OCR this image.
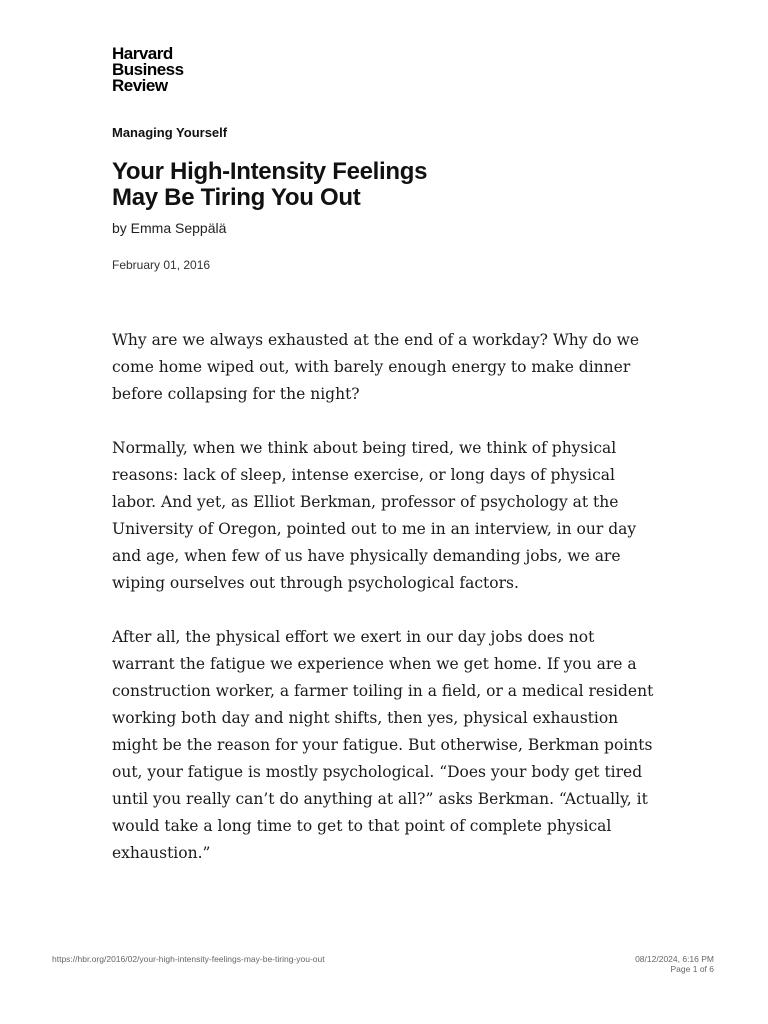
Harvard
Business
Review
Managing Yourself
Your High-Intensity Feelings
May Be Tiring You Out
by Emma Seppälä
February 01, 2016

Why are we always exhausted at the end of a workday? Why do we come home wiped out, with barely enough energy to make dinner before collapsing for the night?

Normally, when we think about being tired, we think of physical reasons: lack of sleep, intense exercise, or long days of physical labor. And yet, as Elliot Berkman, professor of psychology at the University of Oregon, pointed out to me in an interview, in our day and age, when few of us have physically demanding jobs, we are wiping ourselves out through psychological factors.

After all, the physical effort we exert in our day jobs does not warrant the fatigue we experience when we get home. If you are a construction worker, a farmer toiling in a field, or a medical resident working both day and night shifts, then yes, physical exhaustion might be the reason for your fatigue. But otherwise, Berkman points out, your fatigue is mostly psychological. “Does your body get tired until you really can’t do anything at all?” asks Berkman. “Actually, it would take a long time to get to that point of complete physical exhaustion.”

https://hbr.org/2016/02/your-high-intensity-feelings-may-be-tiring-you-out	08/12/2024, 6:16 PM
Page 1 of 6
